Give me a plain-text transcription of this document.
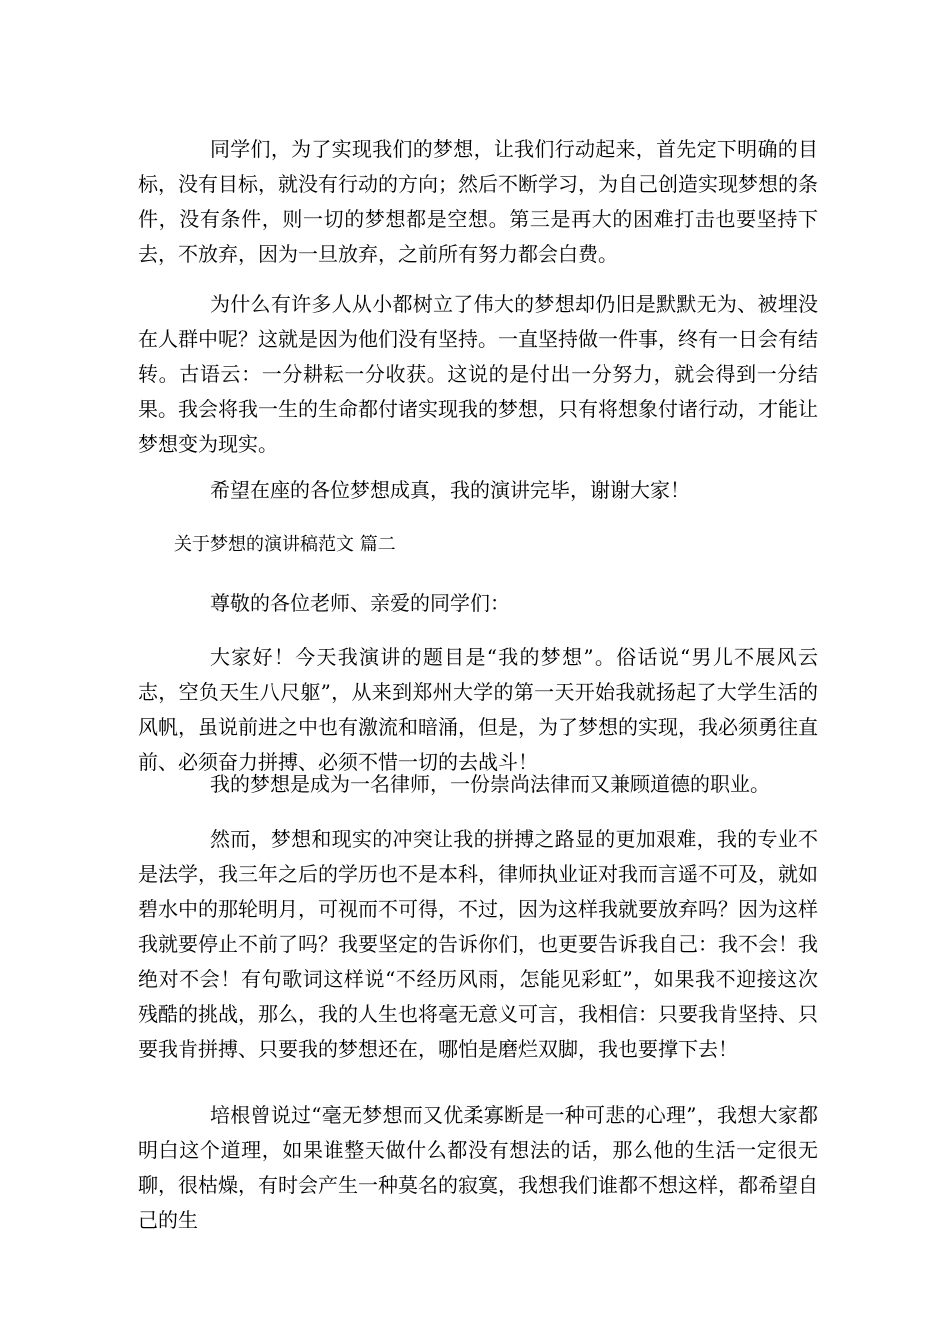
同学们，为了实现我们的梦想，让我们行动起来，首先定下明确的目标，没有目标，就没有行动的方向；然后不断学习，为自己创造实现梦想的条件，没有条件，则一切的梦想都是空想。第三是再大的困难打击也要坚持下去，不放弃，因为一旦放弃，之前所有努力都会白费。

为什么有许多人从小都树立了伟大的梦想却仍旧是默默无为、被埋没在人群中呢？这就是因为他们没有坚持。一直坚持做一件事，终有一日会有结转。古语云：一分耕耘一分收获。这说的是付出一分努力，就会得到一分结果。我会将我一生的生命都付诸实现我的梦想，只有将想象付诸行动，才能让梦想变为现实。

希望在座的各位梦想成真，我的演讲完毕，谢谢大家！

关于梦想的演讲稿范文 篇二

尊敬的各位老师、亲爱的同学们：

大家好！今天我演讲的题目是“我的梦想”。俗话说“男儿不展风云志，空负天生八尺躯”，从来到郑州大学的第一天开始我就扬起了大学生活的风帆，虽说前进之中也有激流和暗涌，但是，为了梦想的实现，我必须勇往直前、必须奋力拼搏、必须不惜一切的去战斗！

我的梦想是成为一名律师，一份崇尚法律而又兼顾道德的职业。

然而，梦想和现实的冲突让我的拼搏之路显的更加艰难，我的专业不是法学，我三年之后的学历也不是本科，律师执业证对我而言遥不可及，就如碧水中的那轮明月，可视而不可得，不过，因为这样我就要放弃吗？因为这样我就要停止不前了吗？我要坚定的告诉你们，也更要告诉我自己：我不会！我绝对不会！有句歌词这样说“不经历风雨，怎能见彩虹”，如果我不迎接这次残酷的挑战，那么，我的人生也将毫无意义可言，我相信：只要我肯坚持、只要我肯拼搏、只要我的梦想还在，哪怕是磨烂双脚，我也要撑下去！

培根曾说过“毫无梦想而又优柔寡断是一种可悲的心理”，我想大家都明白这个道理，如果谁整天做什么都没有想法的话，那么他的生活一定很无聊，很枯燥，有时会产生一种莫名的寂寞，我想我们谁都不想这样，都希望自己的生
